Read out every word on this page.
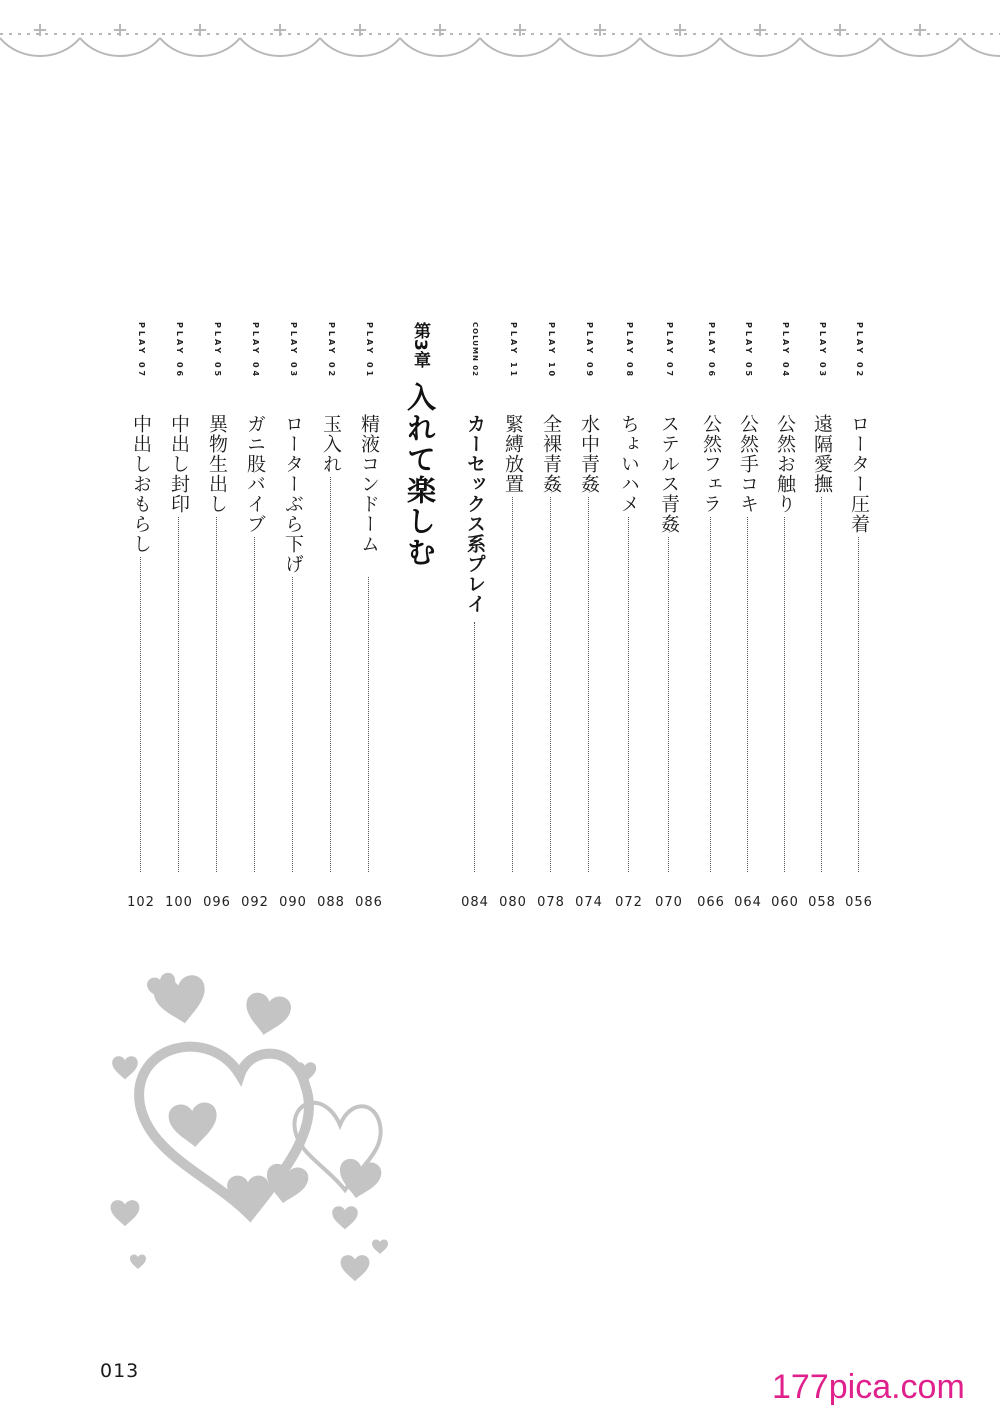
PLAY 02
ローター圧着
056
PLAY 03
遠隔愛撫
058
PLAY 04
公然お触り
060
PLAY 05
公然手コキ
064
PLAY 06
公然フェラ
066
PLAY 07
ステルス青姦
070
PLAY 08
ちょいハメ
072
PLAY 09
水中青姦
074
PLAY 10
全裸青姦
078
PLAY 11
緊縛放置
080
COLUMN 02
カーセックス系プレイ
084
第3章
入れて楽しむ
PLAY 01
精液コンドーム
086
PLAY 02
玉入れ
088
PLAY 03
ローターぶら下げ
090
PLAY 04
ガニ股バイブ
092
PLAY 05
異物生出し
096
PLAY 06
中出し封印
100
PLAY 07
中出しおもらし
102
013	177pica.com
